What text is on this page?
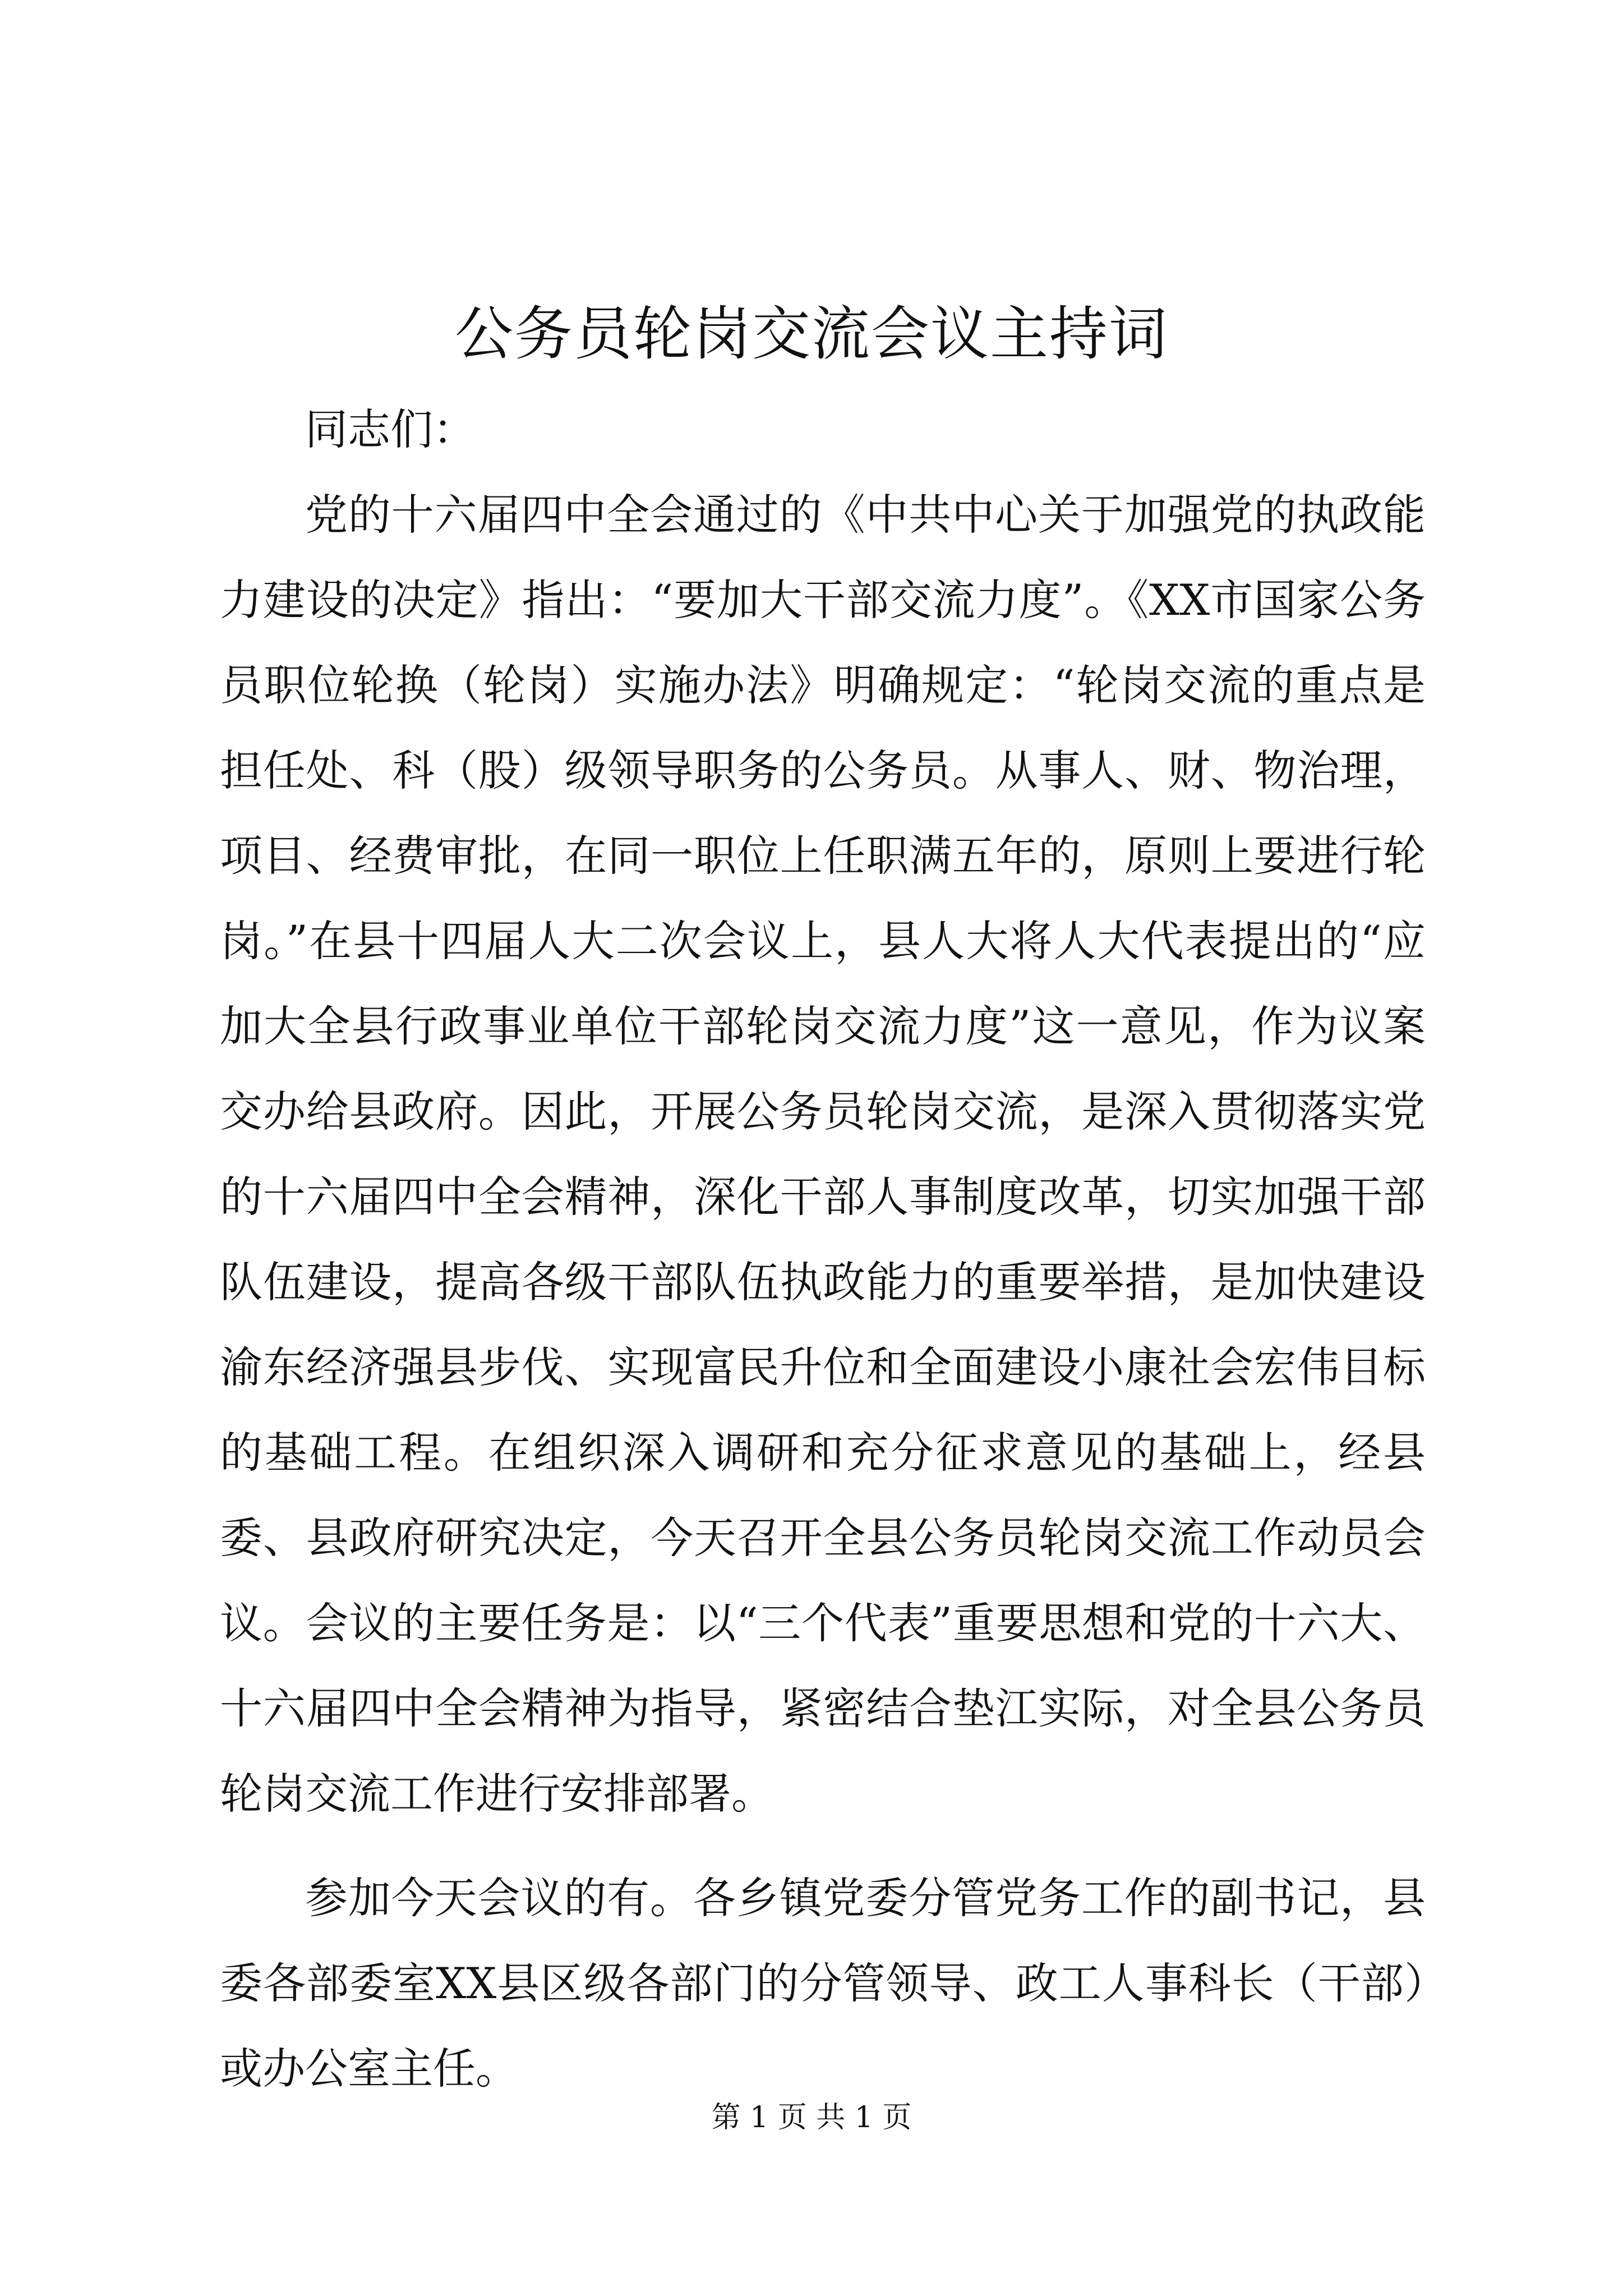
公务员轮岗交流会议主持词

同志们：

党的十六届四中全会通过的《中共中心关于加强党的执政能力建设的决定》指出：“要加大干部交流力度”。《XX市国家公务员职位轮换（轮岗）实施办法》明确规定：“轮岗交流的重点是担任处、科（股）级领导职务的公务员。从事人、财、物治理，项目、经费审批，在同一职位上任职满五年的，原则上要进行轮岗。”在县十四届人大二次会议上，县人大将人大代表提出的“应加大全县行政事业单位干部轮岗交流力度”这一意见，作为议案交办给县政府。因此，开展公务员轮岗交流，是深入贯彻落实党的十六届四中全会精神，深化干部人事制度改革，切实加强干部队伍建设，提高各级干部队伍执政能力的重要举措，是加快建设渝东经济强县步伐、实现富民升位和全面建设小康社会宏伟目标的基础工程。在组织深入调研和充分征求意见的基础上，经县委、县政府研究决定，今天召开全县公务员轮岗交流工作动员会议。会议的主要任务是：以“三个代表”重要思想和党的十六大、十六届四中全会精神为指导，紧密结合垫江实际，对全县公务员轮岗交流工作进行安排部署。

参加今天会议的有。各乡镇党委分管党务工作的副书记，县委各部委室XX县区级各部门的分管领导、政工人事科长（干部）或办公室主任。

第 1 页 共 1 页
